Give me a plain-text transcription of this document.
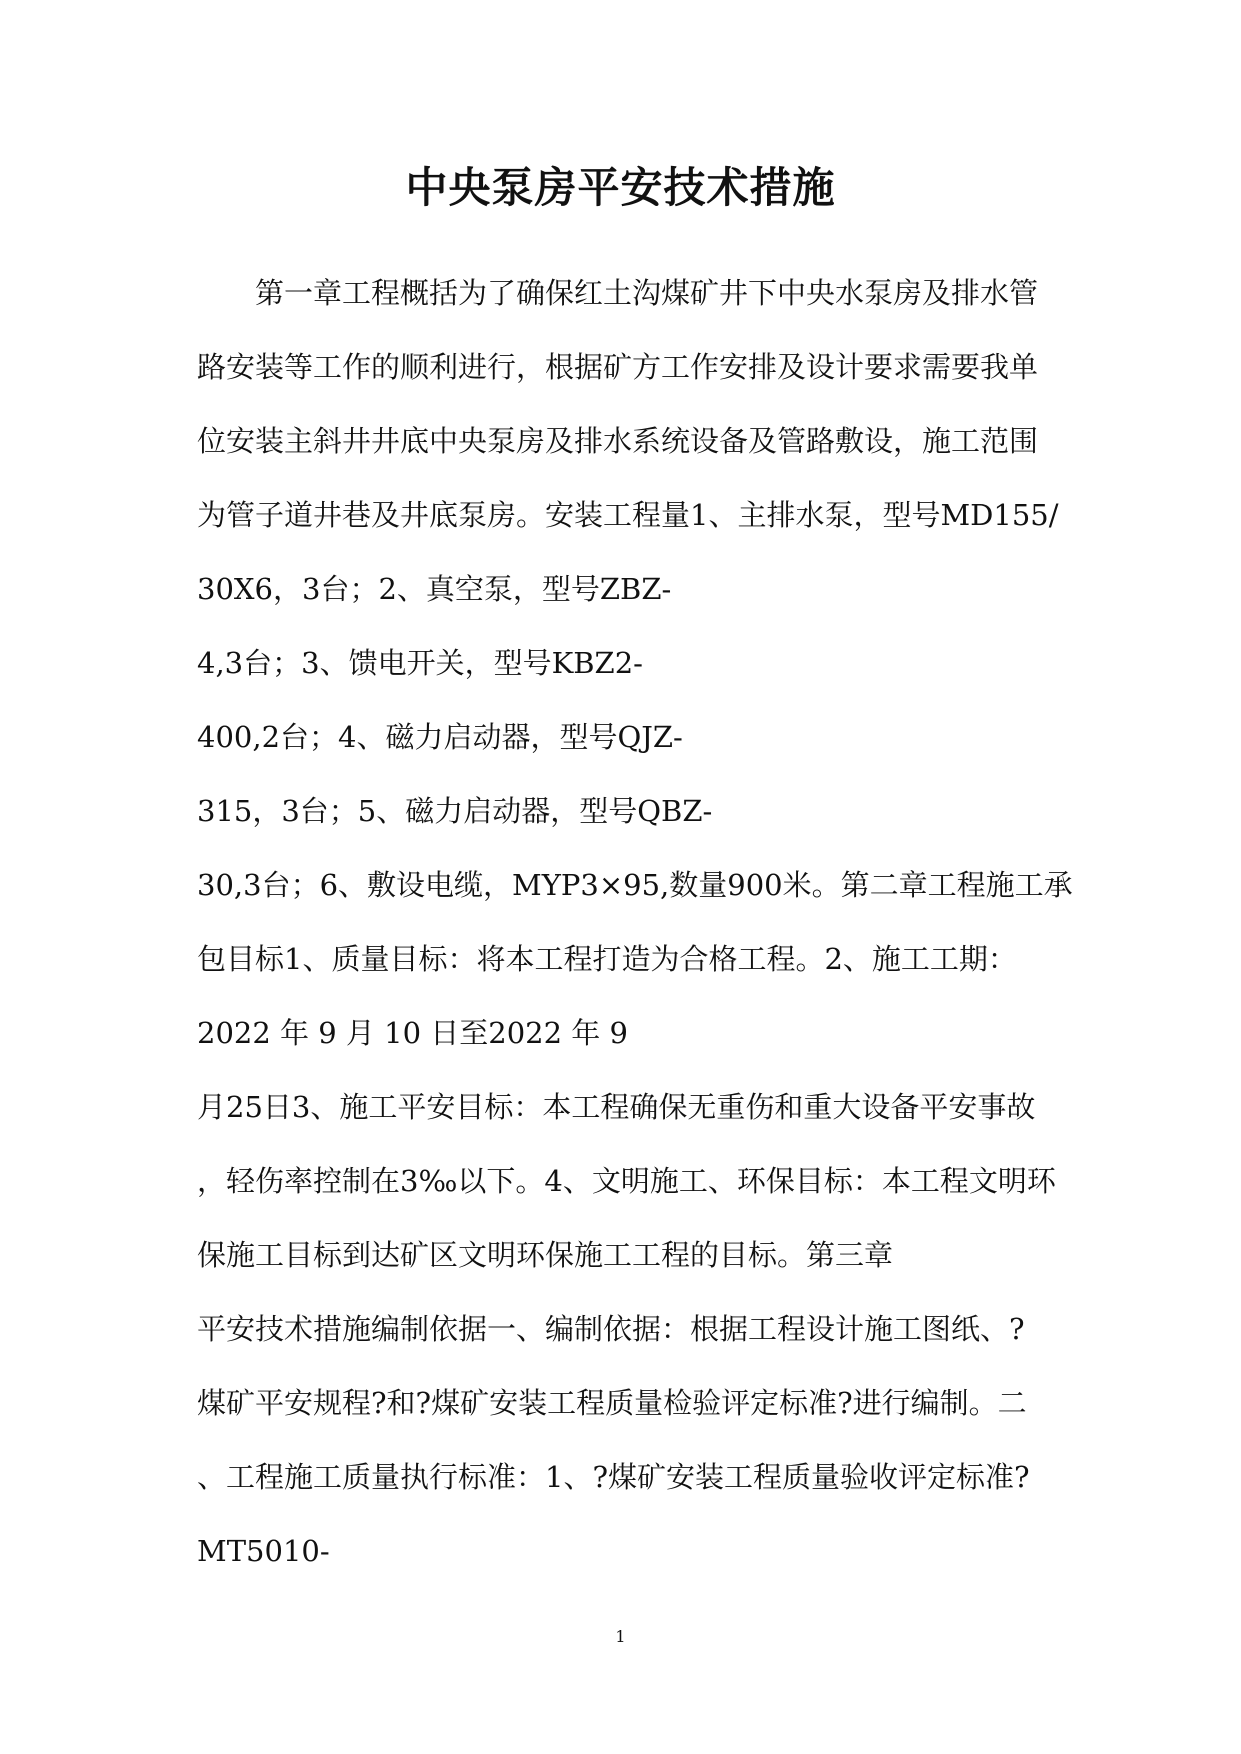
中央泵房平安技术措施
第一章工程概括为了确保红土沟煤矿井下中央水泵房及排水管
路安装等工作的顺利进行，根据矿方工作安排及设计要求需要我单
位安装主斜井井底中央泵房及排水系统设备及管路敷设，施工范围
为管子道井巷及井底泵房。安装工程量1、主排水泵，型号MD155/
30X6，3台；2、真空泵，型号ZBZ-
4,3台；3、馈电开关，型号KBZ2-
400,2台；4、磁力启动器，型号QJZ-
315，3台；5、磁力启动器，型号QBZ-
30,3台；6、敷设电缆，MYP3×95,数量900米。第二章工程施工承
包目标1、质量目标：将本工程打造为合格工程。2、施工工期：
2022 年 9 月 10 日至2022 年 9
月25日3、施工平安目标：本工程确保无重伤和重大设备平安事故
，轻伤率控制在3‰以下。4、文明施工、环保目标：本工程文明环
保施工目标到达矿区文明环保施工工程的目标。第三章
平安技术措施编制依据一、编制依据：根据工程设计施工图纸、?
煤矿平安规程?和?煤矿安装工程质量检验评定标准?进行编制。二
、工程施工质量执行标准：1、?煤矿安装工程质量验收评定标准?
MT5010-
1
